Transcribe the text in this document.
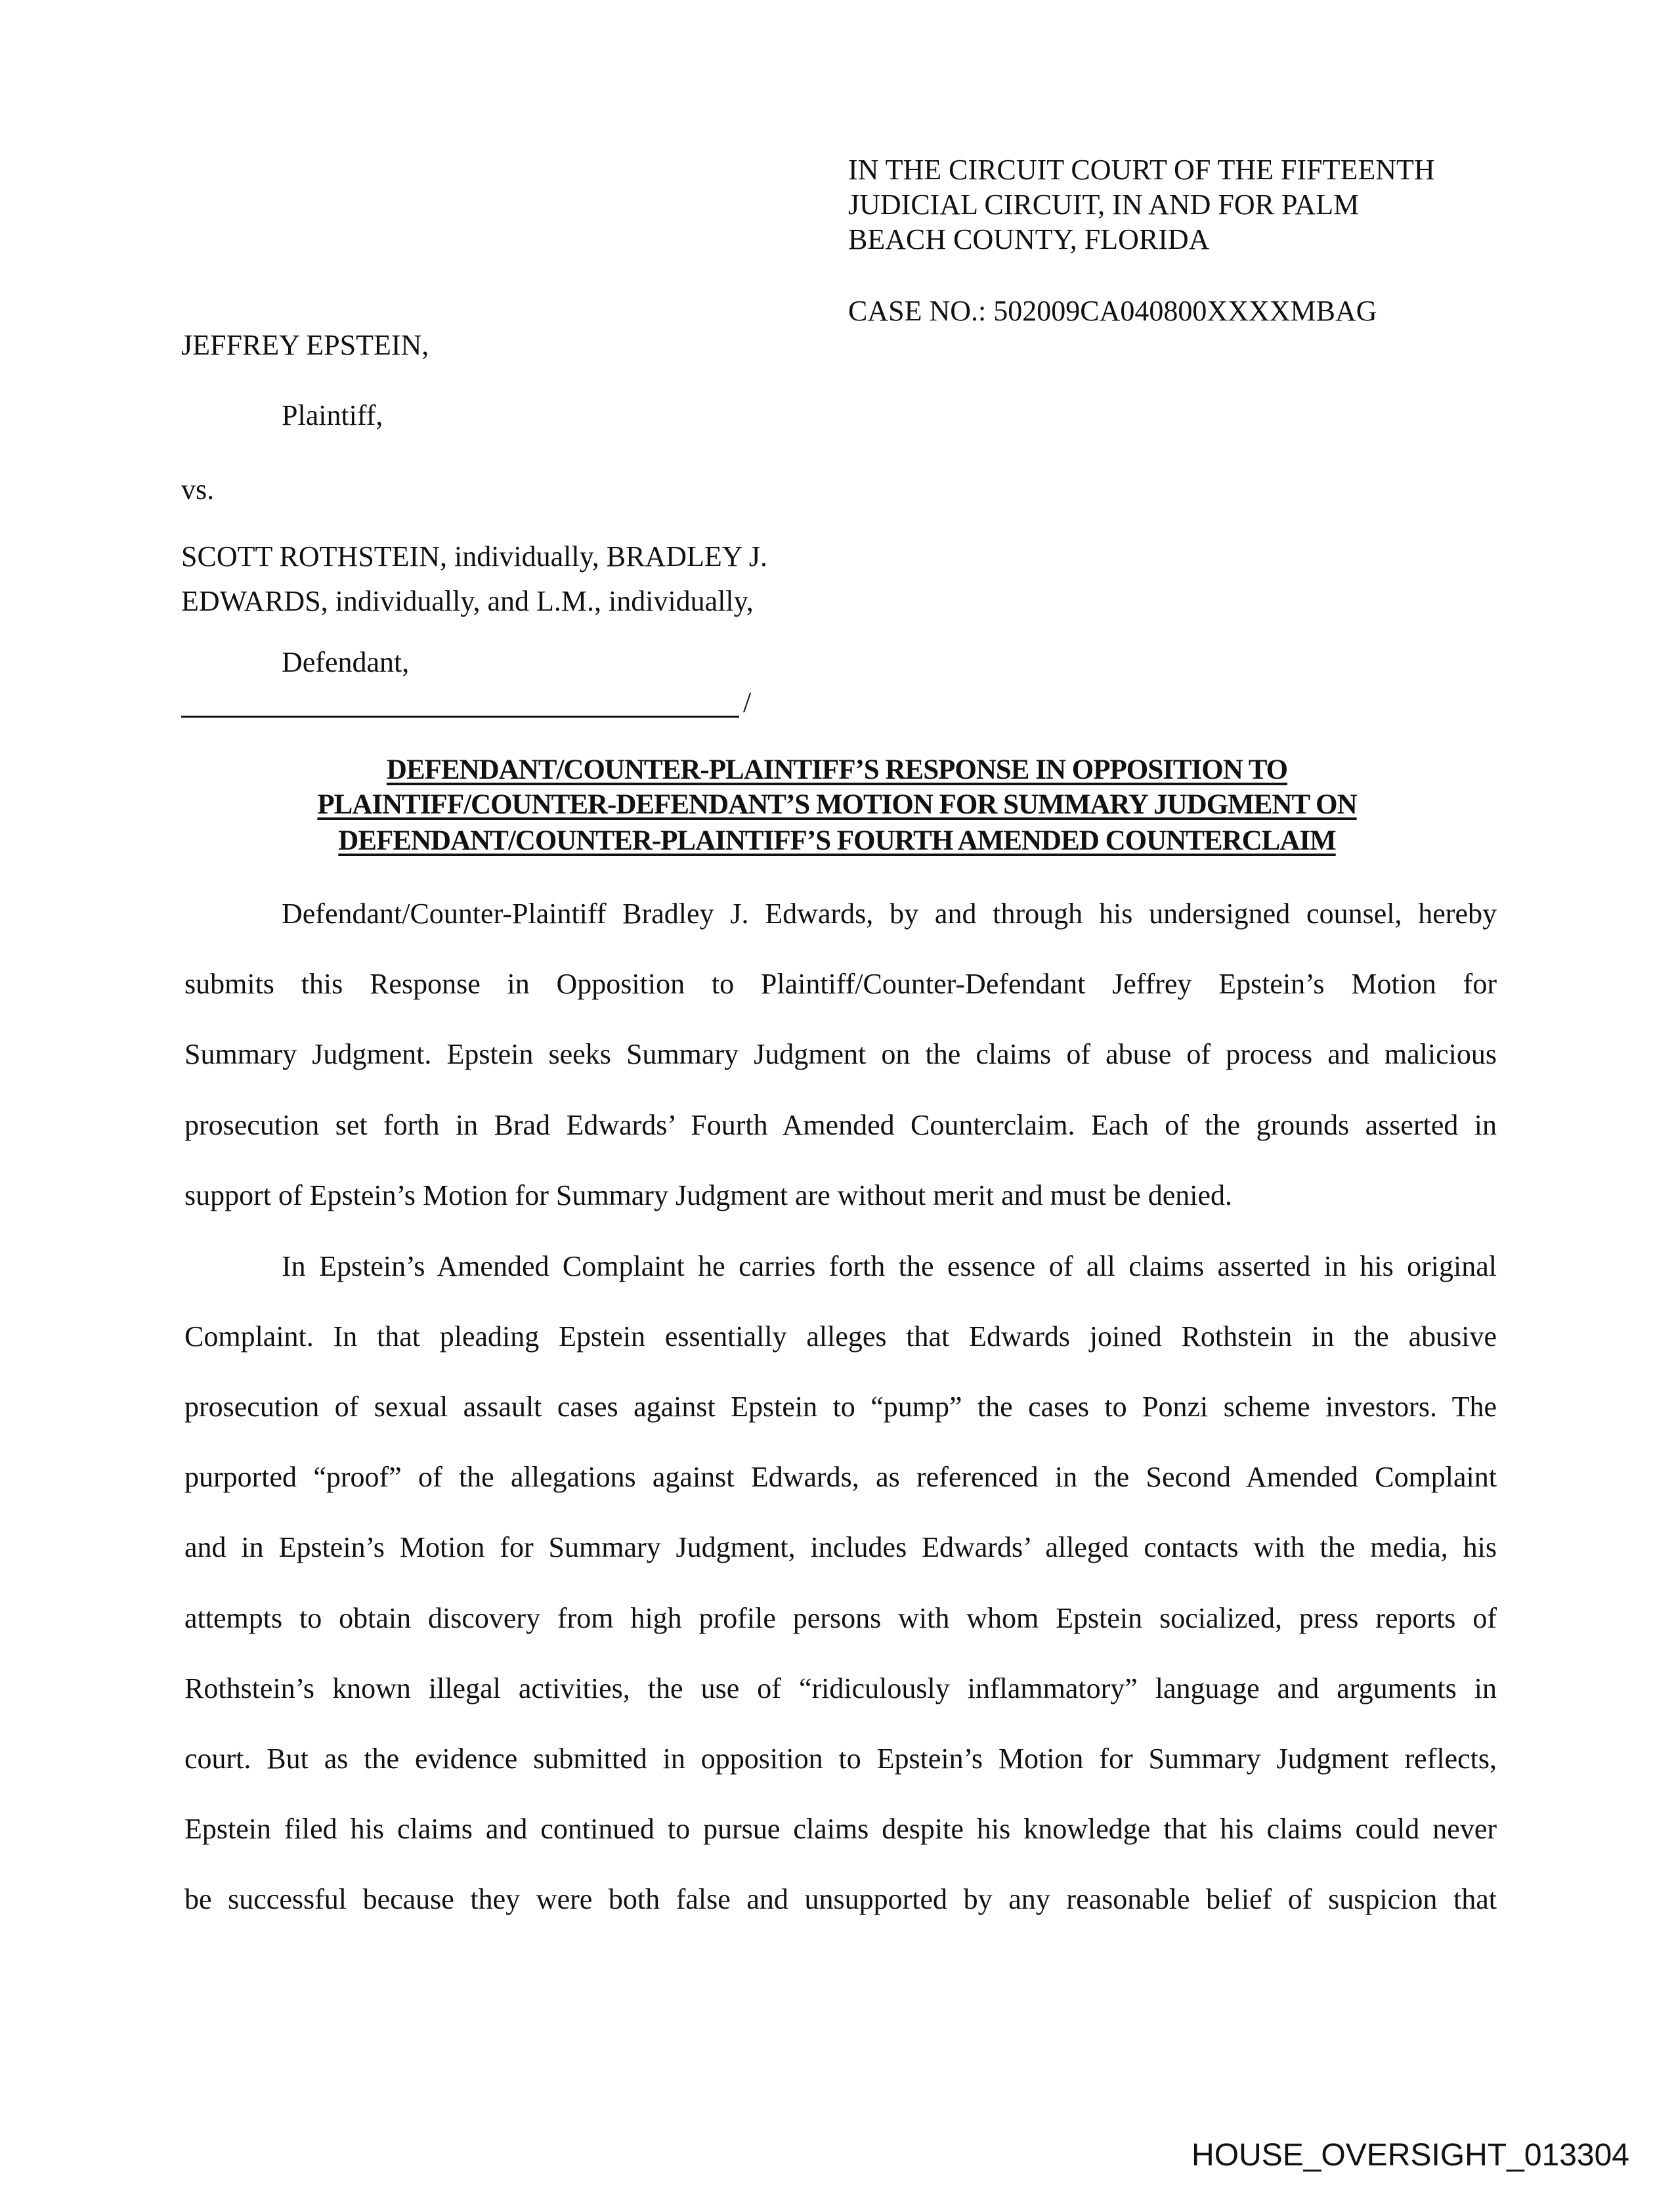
IN THE CIRCUIT COURT OF THE FIFTEENTH
JUDICIAL CIRCUIT, IN AND FOR PALM
BEACH COUNTY, FLORIDA
CASE NO.: 502009CA040800XXXXMBAG
JEFFREY EPSTEIN,
Plaintiff,
vs.
SCOTT ROTHSTEIN, individually, BRADLEY J.
EDWARDS, individually, and L.M., individually,
Defendant,
/
DEFENDANT/COUNTER-PLAINTIFF’S RESPONSE IN OPPOSITION TO
PLAINTIFF/COUNTER-DEFENDANT’S MOTION FOR SUMMARY JUDGMENT ON
DEFENDANT/COUNTER-PLAINTIFF’S FOURTH AMENDED COUNTERCLAIM
Defendant/Counter-Plaintiff Bradley J. Edwards, by and through his undersigned counsel, hereby
submits this Response in Opposition to Plaintiff/Counter-Defendant Jeffrey Epstein’s Motion for
Summary Judgment. Epstein seeks Summary Judgment on the claims of abuse of process and malicious
prosecution set forth in Brad Edwards’ Fourth Amended Counterclaim. Each of the grounds asserted in
support of Epstein’s Motion for Summary Judgment are without merit and must be denied.
In Epstein’s Amended Complaint he carries forth the essence of all claims asserted in his original
Complaint. In that pleading Epstein essentially alleges that Edwards joined Rothstein in the abusive
prosecution of sexual assault cases against Epstein to “pump” the cases to Ponzi scheme investors. The
purported “proof” of the allegations against Edwards, as referenced in the Second Amended Complaint
and in Epstein’s Motion for Summary Judgment, includes Edwards’ alleged contacts with the media, his
attempts to obtain discovery from high profile persons with whom Epstein socialized, press reports of
Rothstein’s known illegal activities, the use of “ridiculously inflammatory” language and arguments in
court. But as the evidence submitted in opposition to Epstein’s Motion for Summary Judgment reflects,
Epstein filed his claims and continued to pursue claims despite his knowledge that his claims could never
be successful because they were both false and unsupported by any reasonable belief of suspicion that
HOUSE_OVERSIGHT_013304
